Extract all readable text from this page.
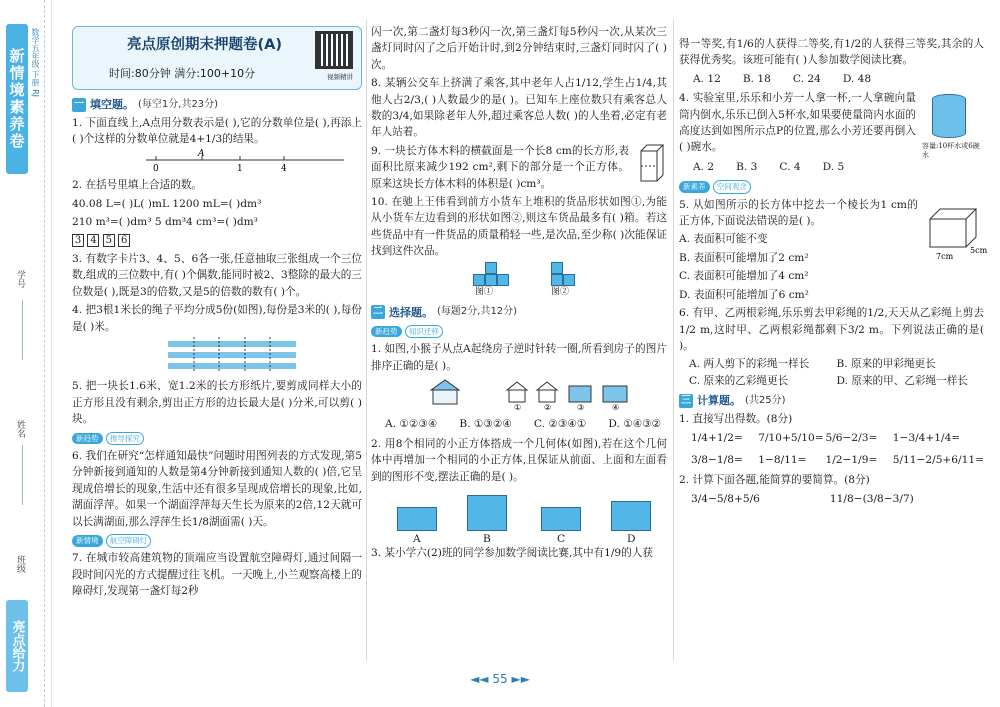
新情境素养卷 数学五年级 下册 RJ
学号
姓名
班级
亮点给力
亮点原创期末押题卷(A)
时间:80分钟 满分:100+10分	视频精讲
一 填空题。 (每空1分,共23分)

1. 下面直线上,A点用分数表示是( ),它的分数单位是( ),再添上( )个这样的分数单位就是4+1/3的结果。

0
A
1	4

2. 在括号里填上合适的数。

40.08 L=( )L( )mL 1200 mL=( )dm³

210 m³=( )dm³ 5 dm³4 cm³=( )dm³

3 4 5 6

3. 有数字卡片3、4、5、6各一张,任意抽取三张组成一个三位数,组成的三位数中,有( )个偶数,能同时被2、3整除的最大的三位数是( ),既是3的倍数,又是5的倍数的数有( )个。

4. 把3根1米长的绳子平均分成5份(如图),每份是3米的( ),每份是( )米。

5. 把一块长1.6米、宽1.2米的长方形纸片,要剪成同样大小的正方形且没有剩余,剪出正方形的边长最大是( )分米,可以剪( )块。

新趋势 推导探究

6. 我们在研究“怎样通知最快”问题时用图列表的方式发现,第5分钟新接到通知的人数是第4分钟新接到通知人数的( )倍,它呈现成倍增长的现象,生活中还有很多呈现成倍增长的现象,比如,湖面浮萍。如果一个湖面浮萍每天生长为原来的2倍,12天就可以长满湖面,那么浮萍生长1/8湖面需( )天。

新情境 航空障碍灯

7. 在城市较高建筑物的顶端应当设置航空障碍灯,通过间隔一段时间闪光的方式提醒过往飞机。一天晚上,小兰观察高楼上的障碍灯,发现第一盏灯每2秒

闪一次,第二盏灯每3秒闪一次,第三盏灯每5秒闪一次,从某次三盏灯同时闪了之后开始计时,到2分钟结束时,三盏灯同时闪了( )次。

8. 某辆公交车上挤满了乘客,其中老年人占1/12,学生占1/4,其他人占2/3,( )人数最少的是( )。已知车上座位数只有乘客总人数的3/4,如果除老年人外,超过乘客总人数( )的人坐着,必定有老年人站着。

9. 一块长方体木料的横截面是一个长8 cm的长方形,表面积比原来减少192 cm²,剩下的部分是一个正方体。原来这块长方体木料的体积是( )cm³。

10. 在驰上王伟看到前方小货车上堆积的货品形状如图①,为能从小货车左边看到的形状如图②,则这车货品最多有( )箱。若这些货品中有一件货品的质量稍轻一些,是次品,至少称( )次能保证找到这件次品。

图①	图②
二 选择题。 (每题2分,共12分)

新趋势 知识迁移

1. 如图,小猴子从点A起绕房子逆时针转一圈,所看到房子的图片排序正确的是( )。

①	②	③	④
A. ①②③④ B. ①③②④ C. ②③④① D. ①④③②

2. 用8个相同的小正方体搭成一个几何体(如图),若在这个几何体中再增加一个相同的小正方体,且保证从前面、上面和左面看到的图形不变,摆法正确的是( )。

A	B	C	D

3. 某小学六(2)班的同学参加数学阅读比赛,其中有1/9的人获

得一等奖,有1/6的人获得二等奖,有1/2的人获得三等奖,其余的人获得优秀奖。该班可能有( )人参加数学阅读比赛。

A. 12 B. 18 C. 24 D. 48

4. 实验室里,乐乐和小芳一人拿一杯,一人拿碗向量筒内倒水,乐乐已倒入5杯水,如果要使量筒内水面的高度达到如图所示点P的位置,那么小芳还要再倒入( )碗水。	容量:10杯水或6碗水
A. 2 B. 3 C. 4 D. 5

新素养 空间观念

5. 从如图所示的长方体中挖去一个棱长为1 cm的正方体,下面说法错误的是( )。

A. 表面积可能不变

B. 表面积可能增加了2 cm²

C. 表面积可能增加了4 cm²

D. 表面积可能增加了6 cm²

7cm
5cm

6. 有甲、乙两根彩绳,乐乐剪去甲彩绳的1/2,天天从乙彩绳上剪去1/2 m,这时甲、乙两根彩绳都剩下3/2 m。下列说法正确的是( )。

A. 两人剪下的彩绳一样长	B. 原来的甲彩绳更长
C. 原来的乙彩绳更长	D. 原来的甲、乙彩绳一样长
三 计算题。 (共25分)

1. 直接写出得数。(8分)

1/4+1/2=	7/10+5/10= 5/6−2/3=	1−3/4+1/4=
3/8−1/8=	1−8/11=	1/2−1/9=	5/11−2/5+6/11=

2. 计算下面各题,能简算的要简算。(8分)

3/4−5/8+5/6	11/8−(3/8−3/7)
◄◄ 55 ►►
